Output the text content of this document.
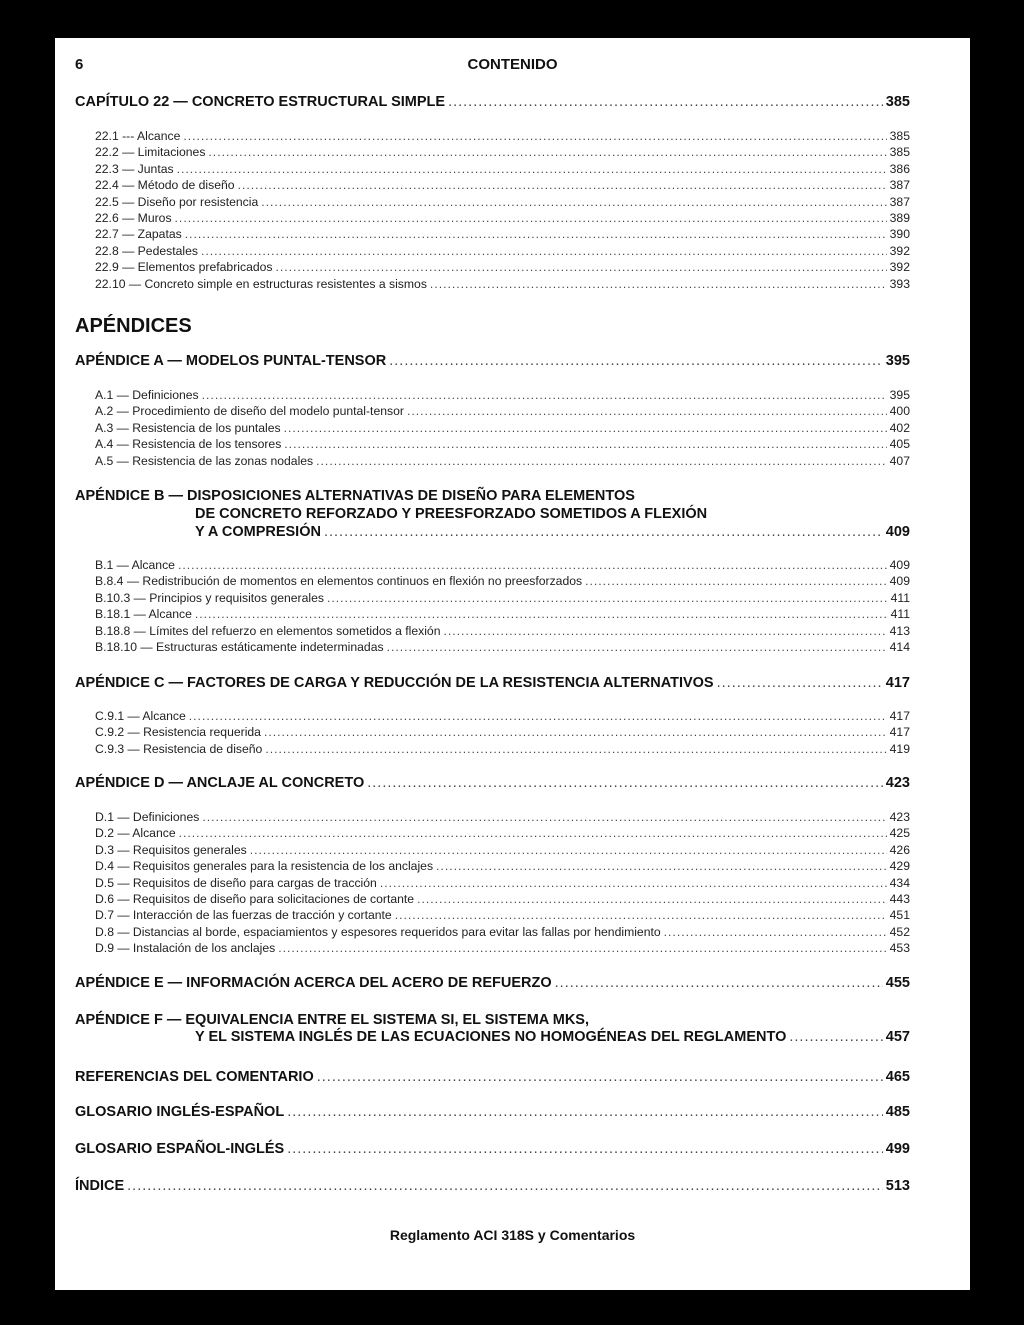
6	CONTENIDO
APÉNDICES
Reglamento ACI 318S y Comentarios
CAPÍTULO 22 — CONCRETO ESTRUCTURAL SIMPLE .....	385
22.1 --- Alcance .....	385
22.2 — Limitaciones .....	385
22.3 — Juntas .....	386
22.4 — Método de diseño .....	387
22.5 — Diseño por resistencia .....	387
22.6 — Muros .....	389
22.7 — Zapatas .....	390
22.8 — Pedestales .....	392
22.9 — Elementos prefabricados .....	392
22.10 — Concreto simple en estructuras resistentes a sismos .....	393
APÉNDICE A — MODELOS PUNTAL-TENSOR .....	395
A.1 — Definiciones .....	395
A.2 — Procedimiento de diseño del modelo puntal-tensor .....	400
A.3 — Resistencia de los puntales .....	402
A.4 — Resistencia de los tensores .....	405
A.5 — Resistencia de las zonas nodales .....	407
APÉNDICE B — DISPOSICIONES ALTERNATIVAS DE DISEÑO PARA ELEMENTOS
DE CONCRETO REFORZADO Y PREESFORZADO SOMETIDOS A FLEXIÓN
Y A COMPRESIÓN .....	409
B.1 — Alcance .....	409
B.8.4 — Redistribución de momentos en elementos continuos en flexión no preesforzados .....	409
B.10.3 — Principios y requisitos generales .....	411
B.18.1 — Alcance .....	411
B.18.8 — Límites del refuerzo en elementos sometidos a flexión .....	413
B.18.10 — Estructuras estáticamente indeterminadas .....	414
APÉNDICE C — FACTORES DE CARGA Y REDUCCIÓN DE LA RESISTENCIA ALTERNATIVOS .....	417
C.9.1 — Alcance .....	417
C.9.2 — Resistencia requerida .....	417
C.9.3 — Resistencia de diseño .....	419
APÉNDICE D — ANCLAJE AL CONCRETO .....	423
D.1 — Definiciones .....	423
D.2 — Alcance .....	425
D.3 — Requisitos generales .....	426
D.4 — Requisitos generales para la resistencia de los anclajes .....	429
D.5 — Requisitos de diseño para cargas de tracción .....	434
D.6 — Requisitos de diseño para solicitaciones de cortante .....	443
D.7 — Interacción de las fuerzas de tracción y cortante .....	451
D.8 — Distancias al borde, espaciamientos y espesores requeridos para evitar las fallas por hendimiento .....	452
D.9 — Instalación de los anclajes .....	453
APÉNDICE E — INFORMACIÓN ACERCA DEL ACERO DE REFUERZO .....	455
APÉNDICE F — EQUIVALENCIA ENTRE EL SISTEMA SI, EL SISTEMA MKS,
Y EL SISTEMA INGLÉS DE LAS ECUACIONES NO HOMOGÉNEAS DEL REGLAMENTO .....	457
REFERENCIAS DEL COMENTARIO .....	465
GLOSARIO INGLÉS-ESPAÑOL .....	485
GLOSARIO ESPAÑOL-INGLÉS .....	499
ÍNDICE .....	513
